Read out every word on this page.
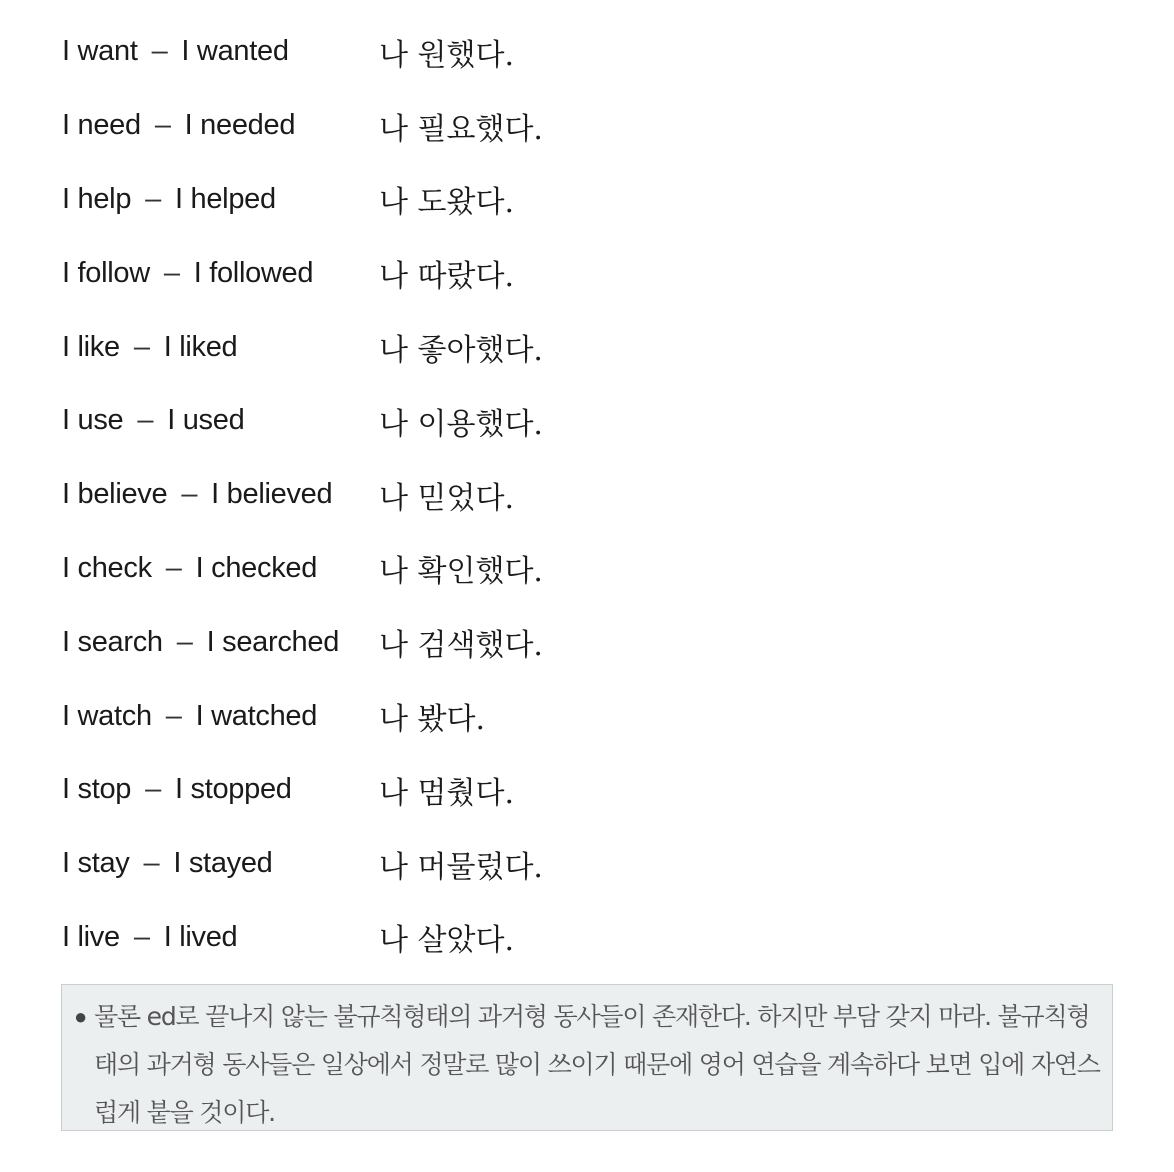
I want – I wanted	나 원했다.
I need – I needed	나 필요했다.
I help – I helped	나 도왔다.
I follow – I followed	나 따랐다.
I like – I liked	나 좋아했다.
I use – I used	나 이용했다.
I believe – I believed	나 믿었다.
I check – I checked	나 확인했다.
I search – I searched	나 검색했다.
I watch – I watched	나 봤다.
I stop – I stopped	나 멈췄다.
I stay – I stayed	나 머물렀다.
I live – I lived	나 살았다.
● 물론 ed로 끝나지 않는 불규칙형태의 과거형 동사들이 존재한다. 하지만 부담 갖지 마라. 불규칙형태의 과거형 동사들은 일상에서 정말로 많이 쓰이기 때문에 영어 연습을 계속하다 보면 입에 자연스럽게 붙을 것이다.
